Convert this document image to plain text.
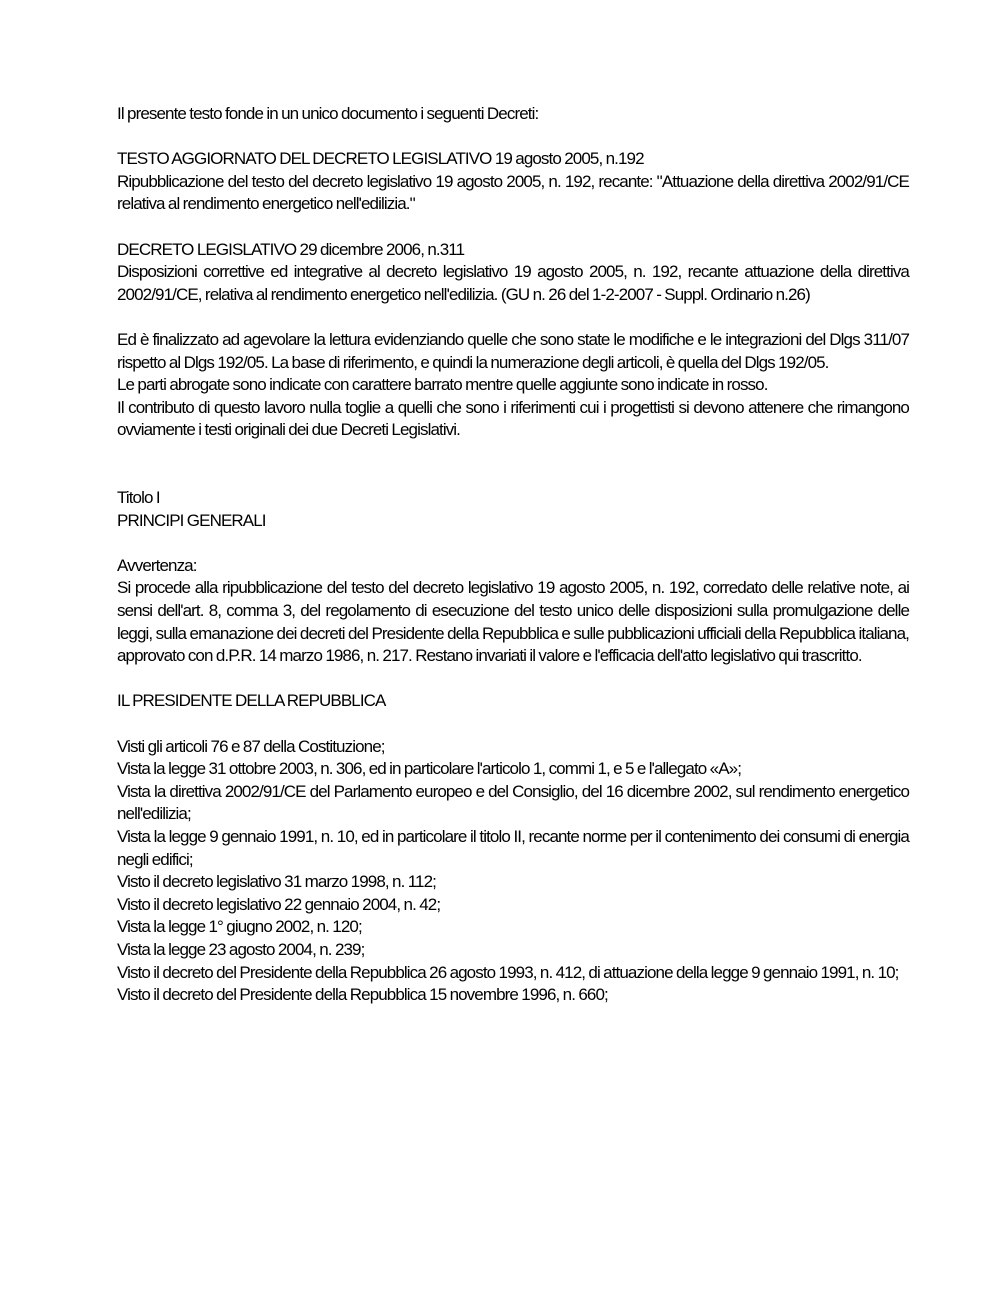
Il presente testo fonde in un unico documento i seguenti Decreti:

TESTO AGGIORNATO DEL DECRETO LEGISLATIVO 19 agosto 2005, n.192

Ripubblicazione del testo del decreto legislativo 19 agosto 2005, n. 192, recante: "Attuazione della direttiva 2002/91/CE relativa al rendimento energetico nell'edilizia."

DECRETO LEGISLATIVO 29 dicembre 2006, n.311

Disposizioni correttive ed integrative al decreto legislativo 19 agosto 2005, n. 192, recante attuazione della direttiva 2002/91/CE, relativa al rendimento energetico nell'edilizia. (GU n. 26 del 1-2-2007 - Suppl. Ordinario n.26)

Ed è finalizzato ad agevolare la lettura evidenziando quelle che sono state le modifiche e le integrazioni del Dlgs 311/07 rispetto al Dlgs 192/05. La base di riferimento, e quindi la numerazione degli articoli, è quella del Dlgs 192/05.

Le parti abrogate sono indicate con carattere barrato mentre quelle aggiunte sono indicate in rosso.

Il contributo di questo lavoro nulla toglie a quelli che sono i riferimenti cui i progettisti si devono attenere che rimangono ovviamente i testi originali dei due Decreti Legislativi.

Titolo I

PRINCIPI GENERALI

Avvertenza:

Si procede alla ripubblicazione del testo del decreto legislativo 19 agosto 2005, n. 192, corredato delle relative note, ai sensi dell'art. 8, comma 3, del regolamento di esecuzione del testo unico delle disposizioni sulla promulgazione delle leggi, sulla emanazione dei decreti del Presidente della Repubblica e sulle pubblicazioni ufficiali della Repubblica italiana, approvato con d.P.R. 14 marzo 1986, n. 217. Restano invariati il valore e l'efficacia dell'atto legislativo qui trascritto.

IL PRESIDENTE DELLA REPUBBLICA

Visti gli articoli 76 e 87 della Costituzione;

Vista la legge 31 ottobre 2003, n. 306, ed in particolare l'articolo 1, commi 1, e 5 e l'allegato «A»;

Vista la direttiva 2002/91/CE del Parlamento europeo e del Consiglio, del 16 dicembre 2002, sul rendimento energetico nell'edilizia;

Vista la legge 9 gennaio 1991, n. 10, ed in particolare il titolo II, recante norme per il contenimento dei consumi di energia negli edifici;

Visto il decreto legislativo 31 marzo 1998, n. 112;

Visto il decreto legislativo 22 gennaio 2004, n. 42;

Vista la legge 1° giugno 2002, n. 120;

Vista la legge 23 agosto 2004, n. 239;

Visto il decreto del Presidente della Repubblica 26 agosto 1993, n. 412, di attuazione della legge 9 gennaio 1991, n. 10;

Visto il decreto del Presidente della Repubblica 15 novembre 1996, n. 660;
